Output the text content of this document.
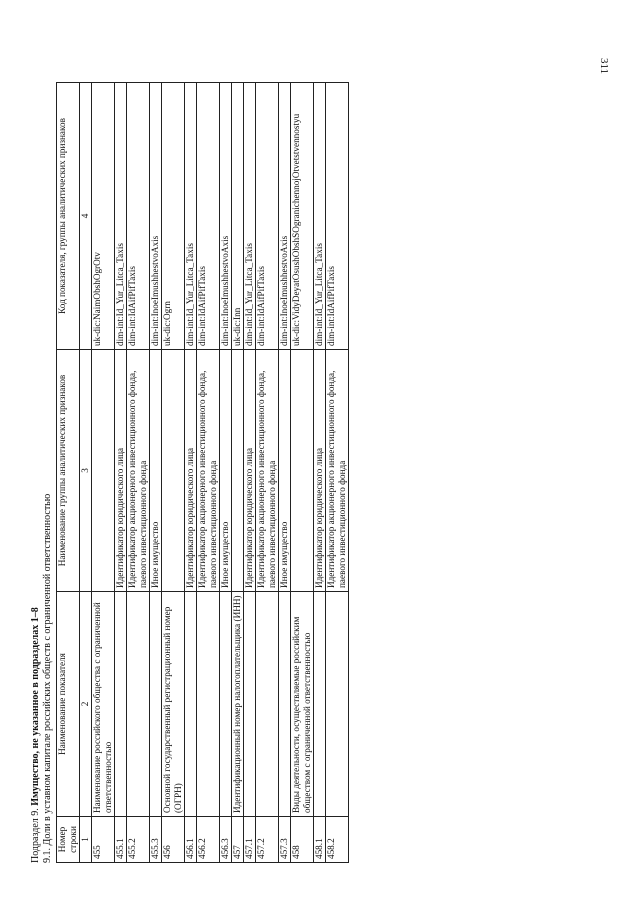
311
Подраздел 9. Имущество, не указанное в подразделах 1–8 9.1. Доли в уставном капитале российских обществ с ограниченной ответственностью Номер строки	Наименование показателя	Наименование группы аналитических признаков	Код показателя, группы аналитических признаков
1	2	3	4
455	Наименование российского общества с ограниченной ответственностью		uk-dic:NaimObshOgrOtv
455.1		Идентификатор юридического лица	dim-int:Id_Yur_Litca_Taxis
455.2		Идентификатор акционерного инвестиционного фонда, паевого инвестиционного фонда	dim-int:IdAifPifTaxis
455.3		Иное имущество	dim-int:InoeImushhestvoAxis
456	Основной государственный регистрационный номер (ОГРН)		uk-dic:Ogrn
456.1		Идентификатор юридического лица	dim-int:Id_Yur_Litca_Taxis
456.2		Идентификатор акционерного инвестиционного фонда, паевого инвестиционного фонда	dim-int:IdAifPifTaxis
456.3		Иное имущество	dim-int:InoeImushhestvoAxis
457	Идентификационный номер налогоплательщика (ИНН)		uk-dic:Inn
457.1		Идентификатор юридического лица	dim-int:Id_Yur_Litca_Taxis
457.2		Идентификатор акционерного инвестиционного фонда, паевого инвестиционного фонда	dim-int:IdAifPifTaxis
457.3		Иное имущество	dim-int:InoeImushhestvoAxis
458	Виды деятельности, осуществляемые российским обществом с ограниченной ответственностью		uk-dic:VidyDeyatOsushObshSOgranichennojOtvetstvennostyu
458.1		Идентификатор юридического лица	dim-int:Id_Yur_Litca_Taxis
458.2		Идентификатор акционерного инвестиционного фонда, паевого инвестиционного фонда	dim-int:IdAifPifTaxis
